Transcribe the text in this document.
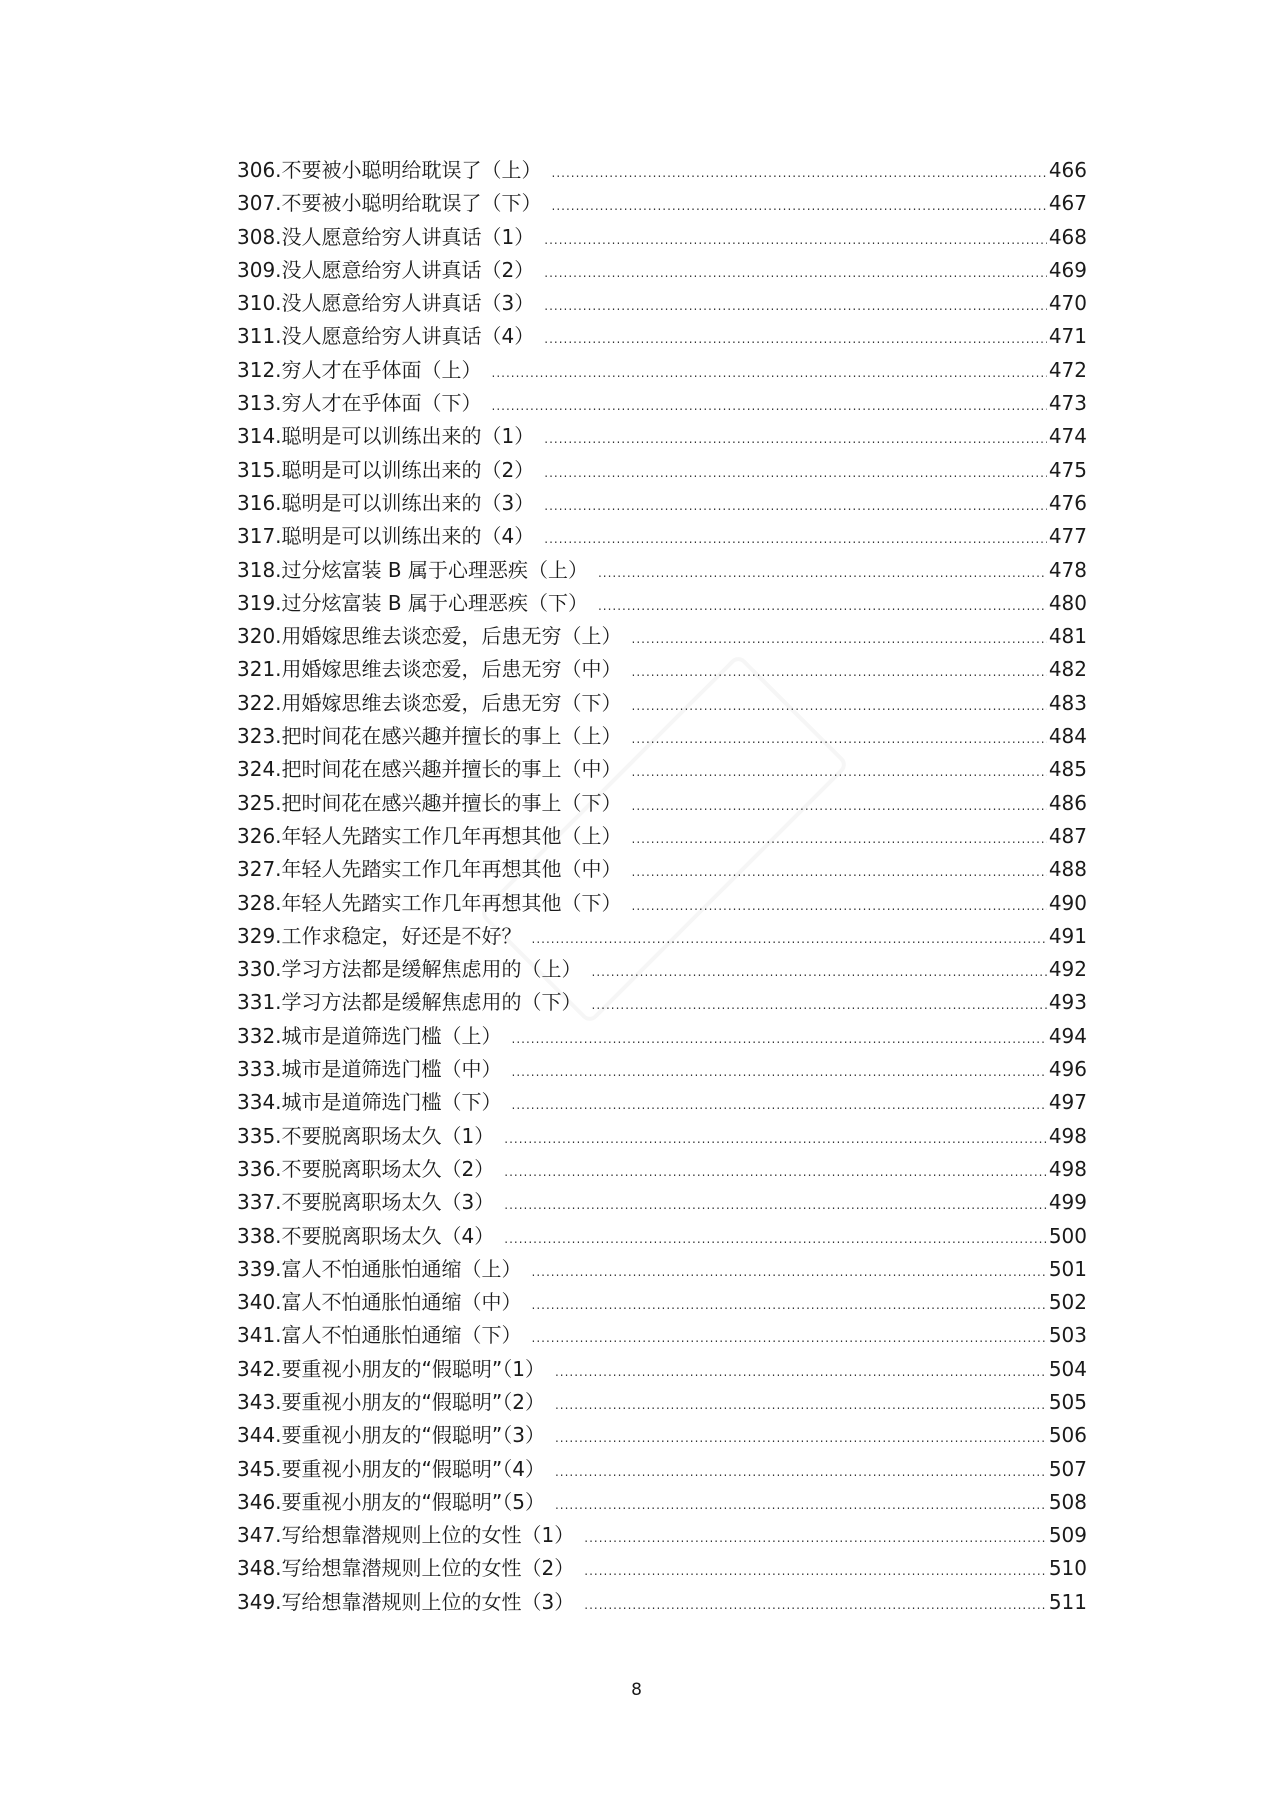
306.不要被小聪明给耽误了（上） .....	466
307.不要被小聪明给耽误了（下） .....	467
308.没人愿意给穷人讲真话（1） .....	468
309.没人愿意给穷人讲真话（2） .....	469
310.没人愿意给穷人讲真话（3） .....	470
311.没人愿意给穷人讲真话（4） .....	471
312.穷人才在乎体面（上） .....	472
313.穷人才在乎体面（下） .....	473
314.聪明是可以训练出来的（1） .....	474
315.聪明是可以训练出来的（2） .....	475
316.聪明是可以训练出来的（3） .....	476
317.聪明是可以训练出来的（4） .....	477
318.过分炫富装 B 属于心理恶疾（上） .....	478
319.过分炫富装 B 属于心理恶疾（下） .....	480
320.用婚嫁思维去谈恋爱，后患无穷（上） .....	481
321.用婚嫁思维去谈恋爱，后患无穷（中） .....	482
322.用婚嫁思维去谈恋爱，后患无穷（下） .....	483
323.把时间花在感兴趣并擅长的事上（上） .....	484
324.把时间花在感兴趣并擅长的事上（中） .....	485
325.把时间花在感兴趣并擅长的事上（下） .....	486
326.年轻人先踏实工作几年再想其他（上） .....	487
327.年轻人先踏实工作几年再想其他（中） .....	488
328.年轻人先踏实工作几年再想其他（下） .....	490
329.工作求稳定，好还是不好？ .....	491
330.学习方法都是缓解焦虑用的（上） .....	492
331.学习方法都是缓解焦虑用的（下） .....	493
332.城市是道筛选门槛（上） .....	494
333.城市是道筛选门槛（中） .....	496
334.城市是道筛选门槛（下） .....	497
335.不要脱离职场太久（1） .....	498
336.不要脱离职场太久（2） .....	498
337.不要脱离职场太久（3） .....	499
338.不要脱离职场太久（4） .....	500
339.富人不怕通胀怕通缩（上） .....	501
340.富人不怕通胀怕通缩（中） .....	502
341.富人不怕通胀怕通缩（下） .....	503
342.要重视小朋友的“假聪明”（1） .....	504
343.要重视小朋友的“假聪明”（2） .....	505
344.要重视小朋友的“假聪明”（3） .....	506
345.要重视小朋友的“假聪明”（4） .....	507
346.要重视小朋友的“假聪明”（5） .....	508
347.写给想靠潜规则上位的女性（1） .....	509
348.写给想靠潜规则上位的女性（2） .....	510
349.写给想靠潜规则上位的女性（3） .....	511
8
